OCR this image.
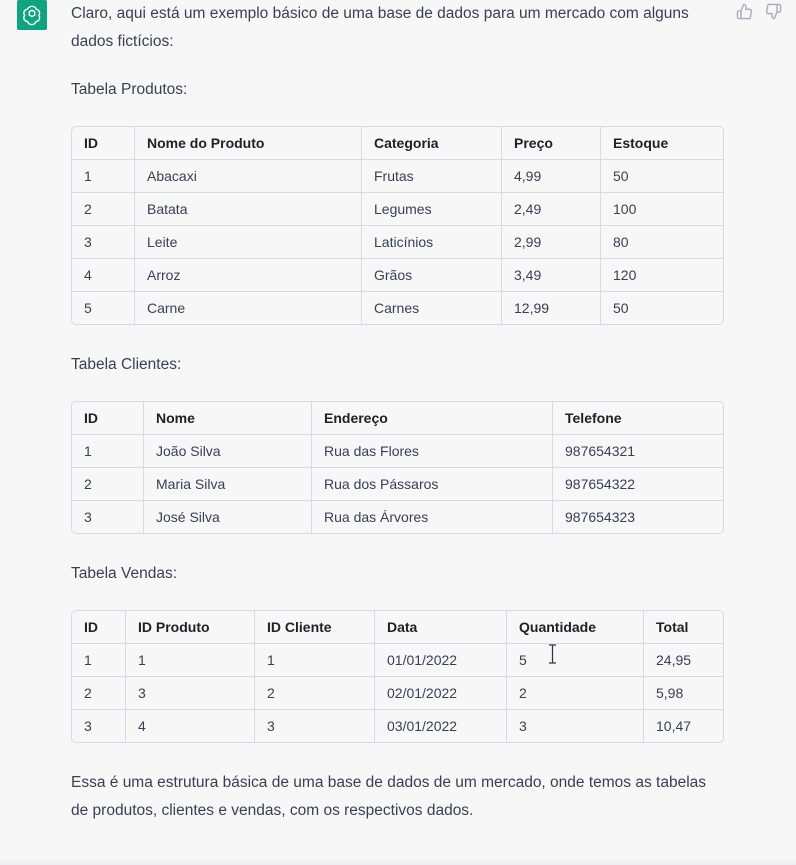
Claro, aqui está um exemplo básico de uma base de dados para um mercado com alguns dados fictícios:

Tabela Produtos:

ID	Nome do Produto	Categoria	Preço	Estoque
1	Abacaxi	Frutas	4,99	50
2	Batata	Legumes	2,49	100
3	Leite	Laticínios	2,99	80
4	Arroz	Grãos	3,49	120
5	Carne	Carnes	12,99	50

Tabela Clientes:

ID	Nome	Endereço	Telefone
1	João Silva	Rua das Flores	987654321
2	Maria Silva	Rua dos Pássaros	987654322
3	José Silva	Rua das Árvores	987654323

Tabela Vendas:

ID	ID Produto	ID Cliente	Data	Quantidade	Total
1	1	1	01/01/2022	5	24,95
2	3	2	02/01/2022	2	5,98
3	4	3	03/01/2022	3	10,47

Essa é uma estrutura básica de uma base de dados de um mercado, onde temos as tabelas de produtos, clientes e vendas, com os respectivos dados.
